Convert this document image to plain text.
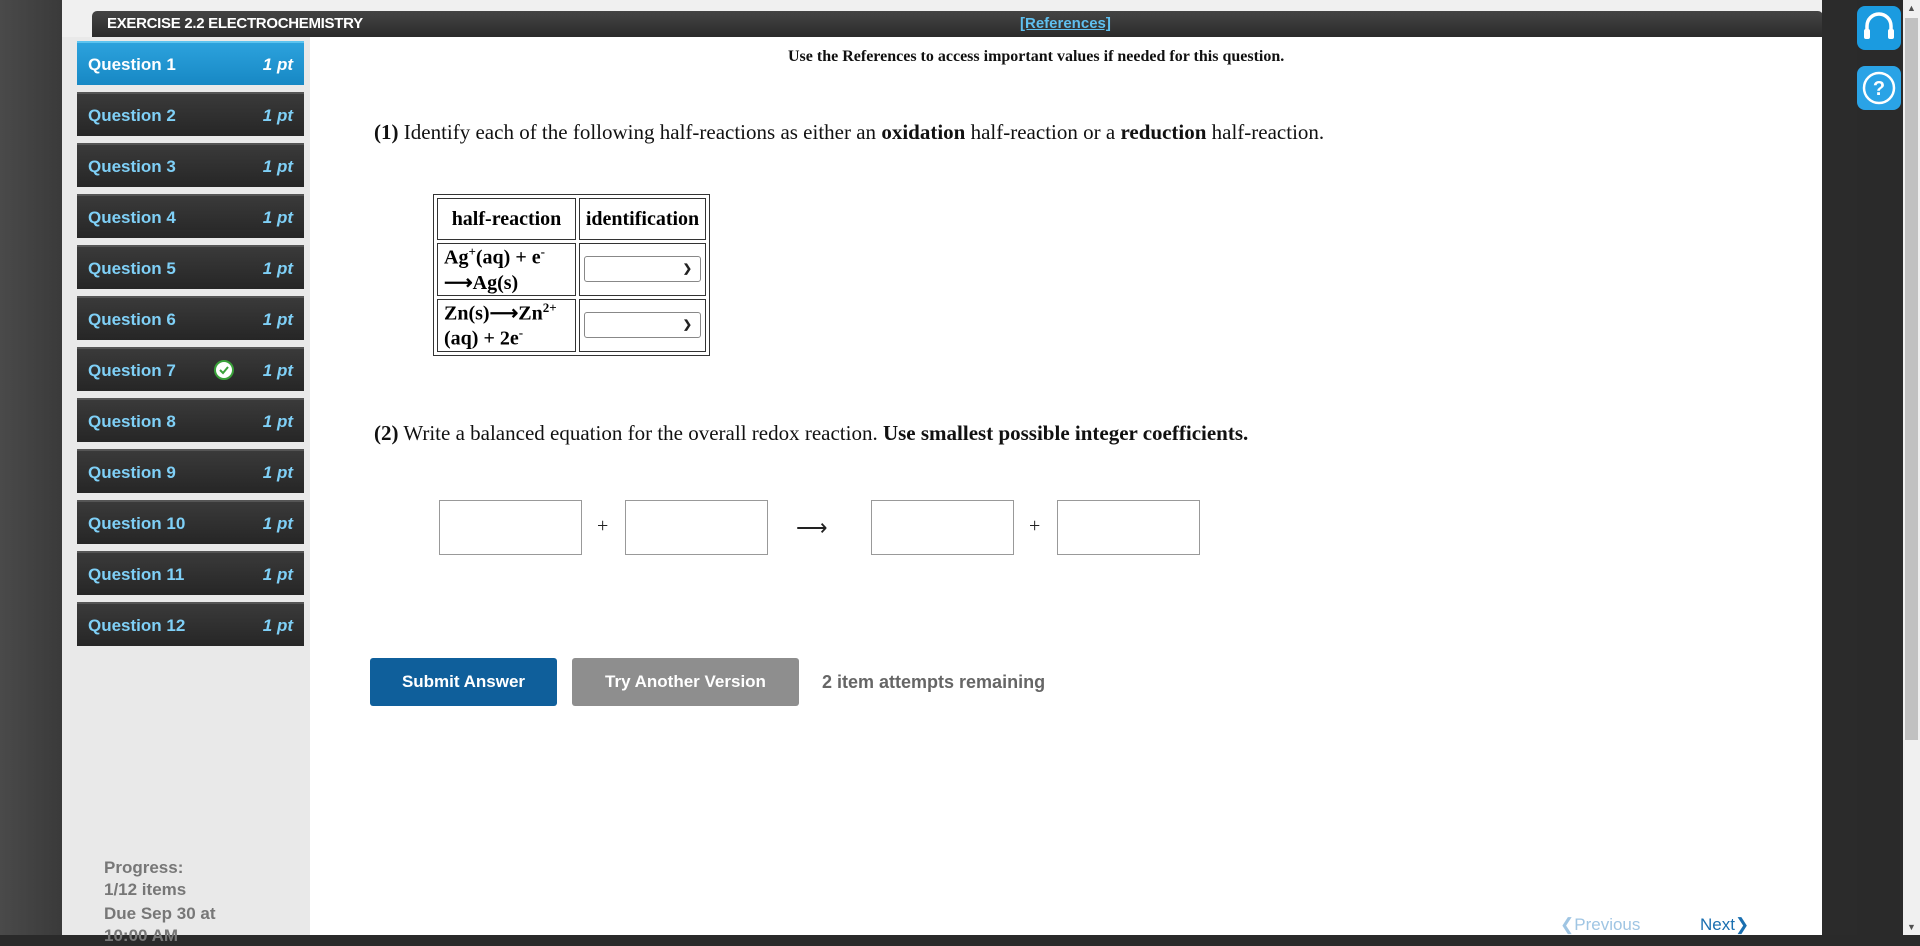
EXERCISE 2.2 ELECTROCHEMISTRY	[References]
Question 1	1 pt
Question 2	1 pt
Question 3	1 pt
Question 4	1 pt
Question 5	1 pt
Question 6	1 pt
Question 7	1 pt
Question 8	1 pt
Question 9	1 pt
Question 10	1 pt
Question 11	1 pt
Question 12	1 pt
Progress:
1/12 items
Due Sep 30 at
10:00 AM
Use the References to access important values if needed for this question.
(1) Identify each of the following half-reactions as either an oxidation half-reaction or a reduction half-reaction.
half-reaction	identification
Ag+(aq) + e-⟶Ag(s)	❯

$Zn(s)⟶Zn^{2+}(aq) + 2e^-$	❯
(2) Write a balanced equation for the overall redox reaction. Use smallest possible integer coefficients.
+	⟶	+
Submit Answer	Try Another Version	2 item attempts remaining
❮Previous	Next❯
?
▲
▼
